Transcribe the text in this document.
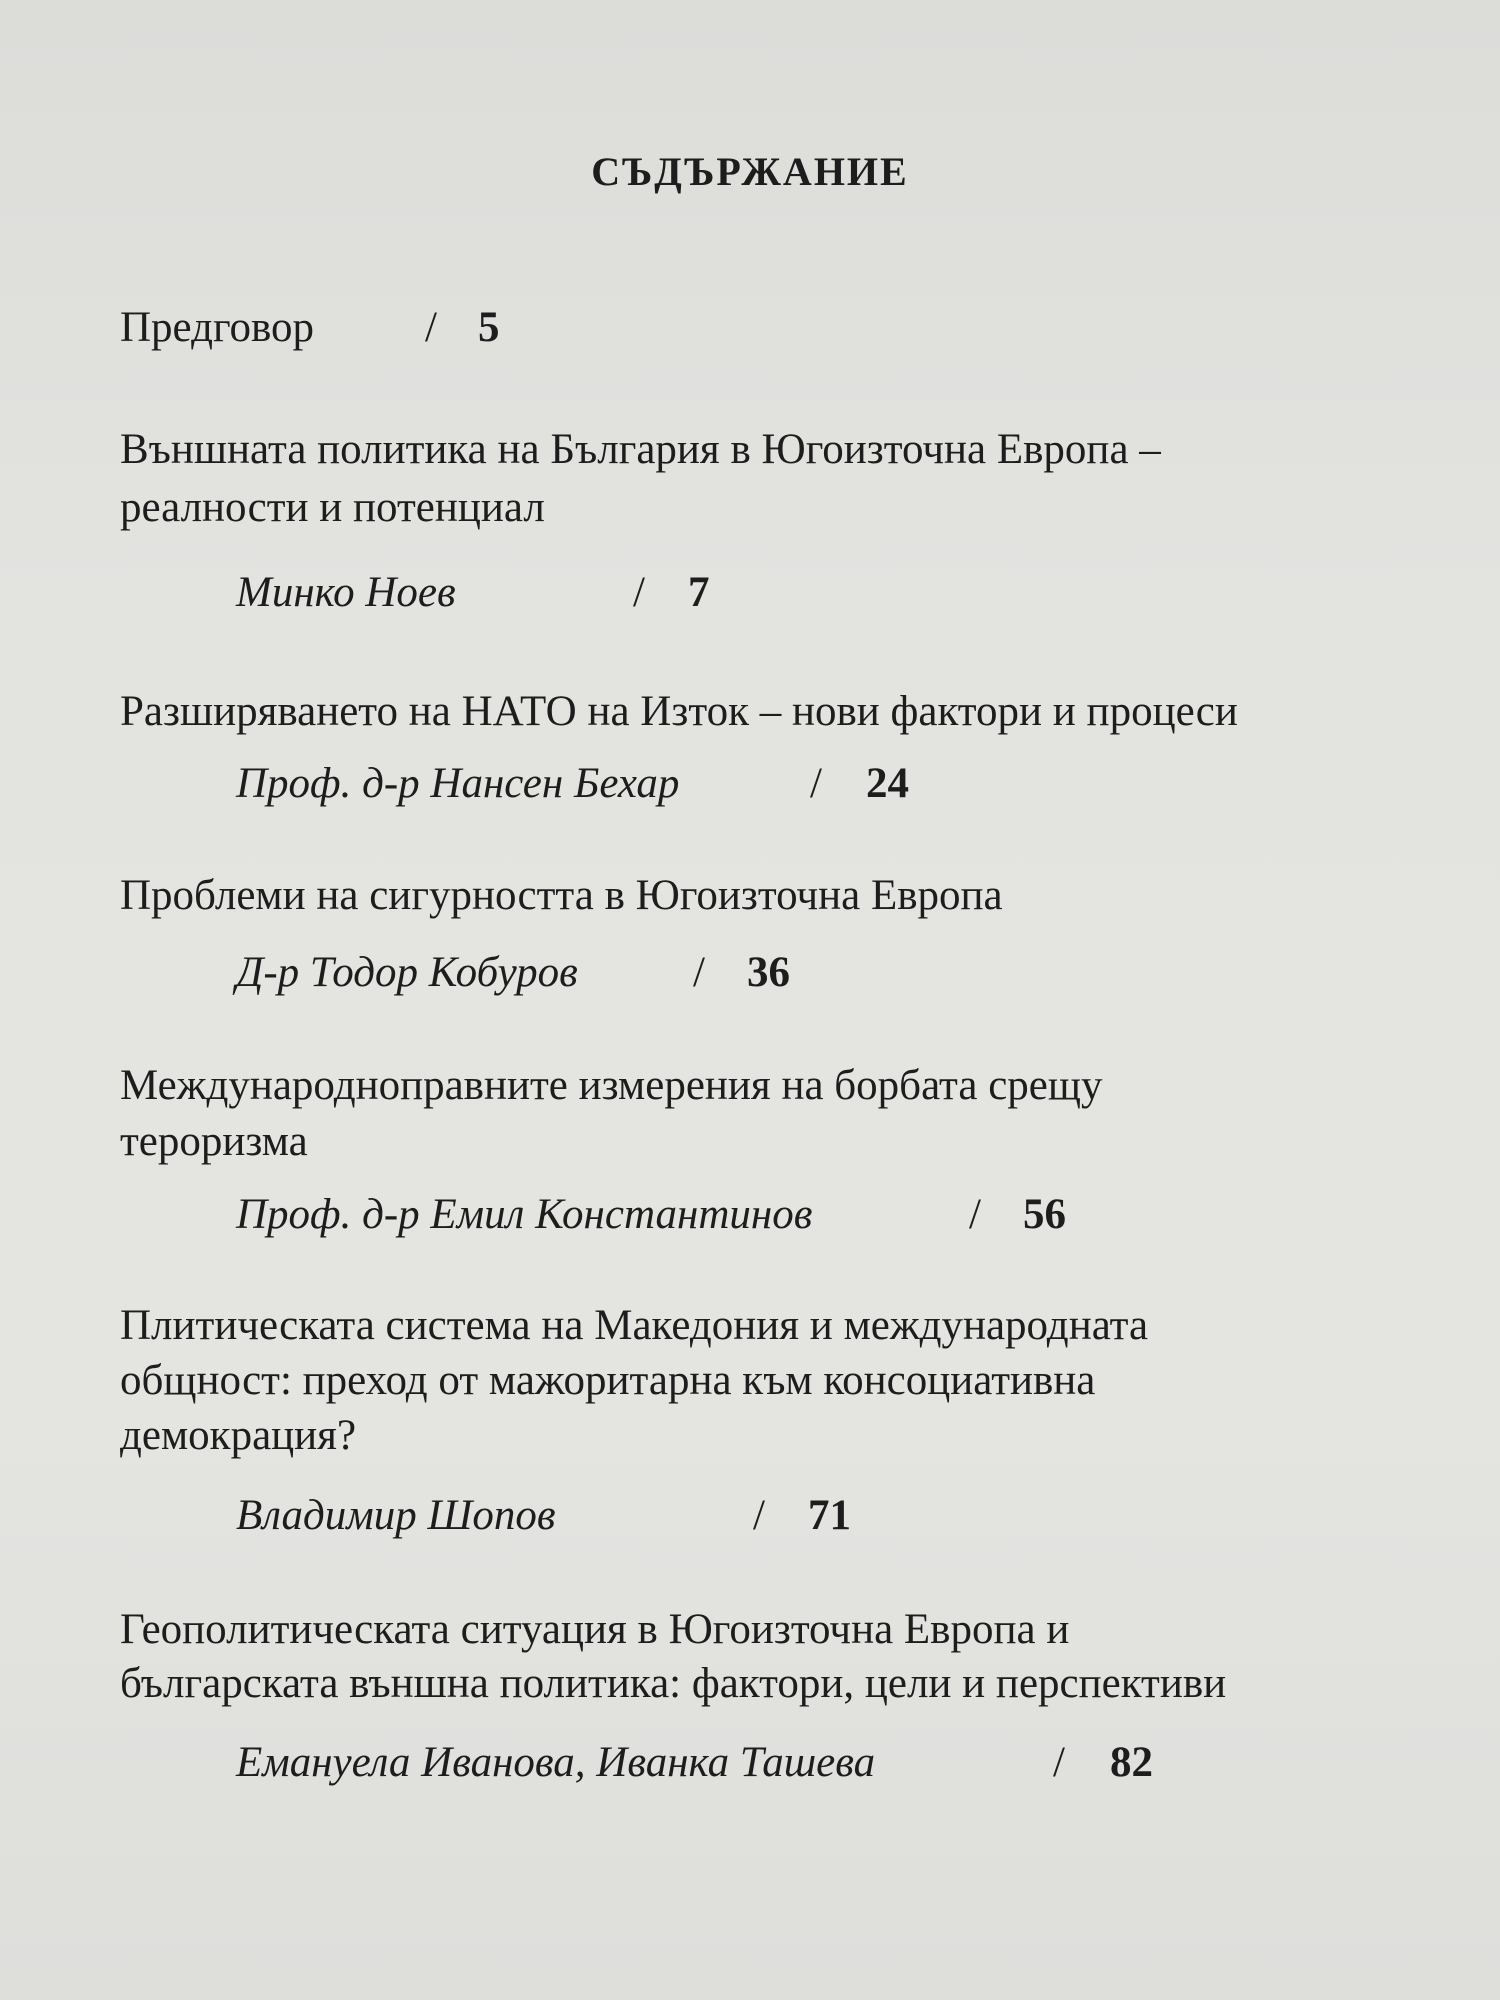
СЪДЪРЖАНИЕ
Предговор	/ 5
Външната политика на България в Югоизточна Европа –
реалности и потенциал
Минко Ноев	/ 7
Разширяването на НАТО на Изток – нови фактори и процеси
Проф. д-р Нансен Бехар	/ 24
Проблеми на сигурността в Югоизточна Европа
Д-р Тодор Кобуров	/ 36
Международноправните измерения на борбата срещу
тероризма
Проф. д-р Емил Константинов	/ 56
Плитическата система на Македония и международната
общност: преход от мажоритарна към консоциативна
демокрация?
Владимир Шопов	/ 71
Геополитическата ситуация в Югоизточна Европа и
българската външна политика: фактори, цели и перспективи
Емануела Иванова, Иванка Ташева	/ 82
